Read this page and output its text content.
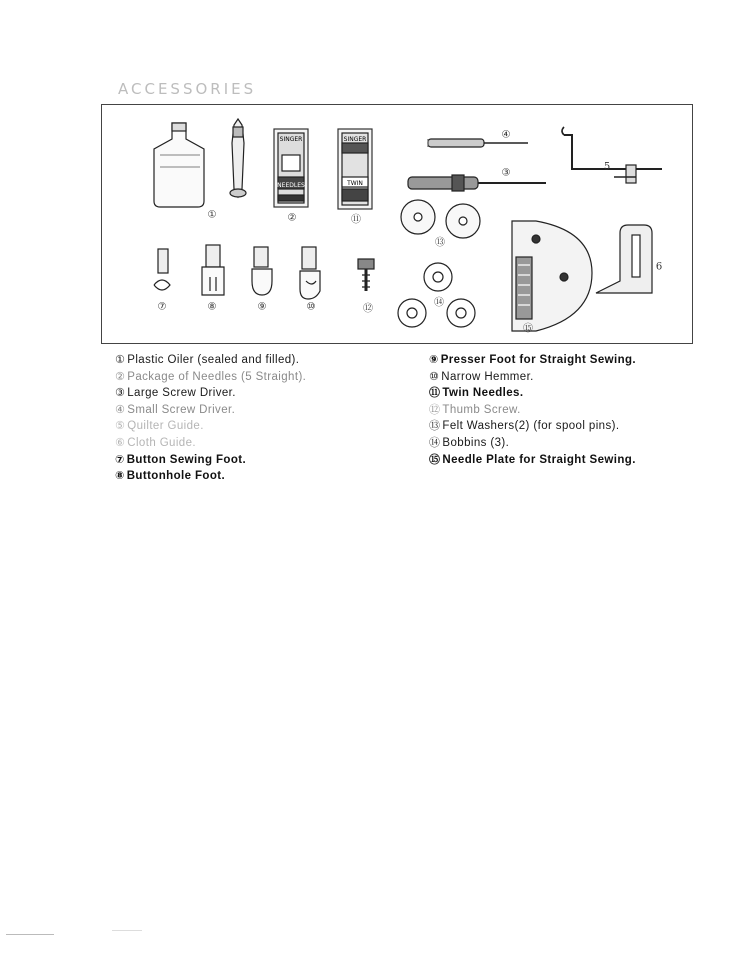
ACCESSORIES
SINGER
NEEDLES
SINGER
TWIN
①	②	⑪
④
③
5
⑬
6
⑦	⑧	⑨	⑩	⑫
⑭
⑮
① Plastic Oiler (sealed and filled).
② Package of Needles (5 Straight).
③ Large Screw Driver.
④ Small Screw Driver.
⑤ Quilter Guide.
⑥ Cloth Guide.
⑦ Button Sewing Foot.
⑧ Buttonhole Foot.
⑨ Presser Foot for Straight Sewing.
⑩ Narrow Hemmer.
⑪ Twin Needles.
⑫ Thumb Screw.
⑬ Felt Washers(2) (for spool pins).
⑭ Bobbins (3).
⑮ Needle Plate for Straight Sewing.
